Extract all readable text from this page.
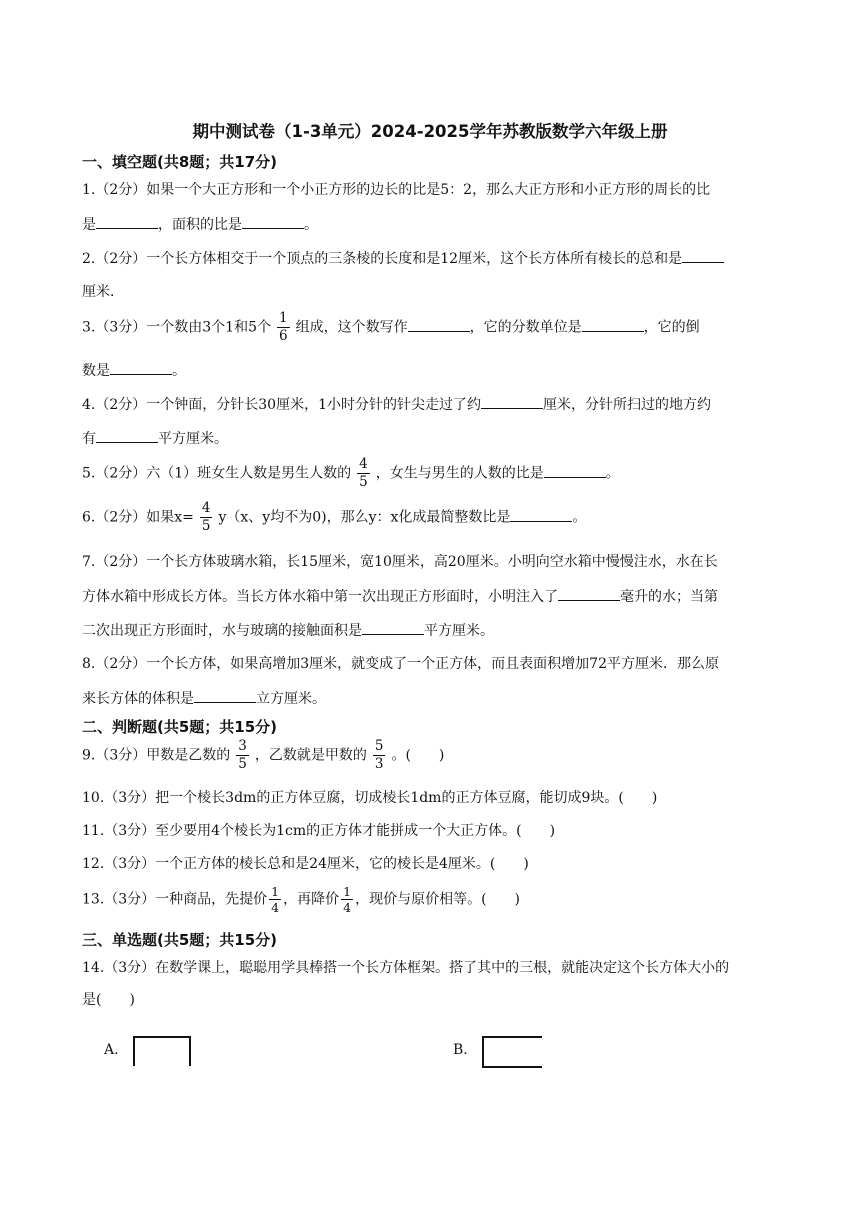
期中测试卷（1-3单元）2024-2025学年苏教版数学六年级上册
一、填空题(共8题；共17分)
1.（2分）如果一个大正方形和一个小正方形的边长的比是5：2，那么大正方形和小正方形的周长的比
是	，面积的比是	。
2.（2分）一个长方体相交于一个顶点的三条棱的长度和是12厘米，这个长方体所有棱长的总和是
厘米.
3.（3分）一个数由3个1和5个 $\frac{1}{6}$ 组成，这个数写作	，它的分数单位是	，它的倒
数是	。
4.（2分）一个钟面，分针长30厘米，1小时分针的针尖走过了约	厘米，分针所扫过的地方约
有	平方厘米。
5.（2分）六（1）班女生人数是男生人数的 $\frac{4}{5}$ ，女生与男生的人数的比是	。
6.（2分）如果$x= \frac{4}{5} y(x$、y均不为0)，那么y：x化成最简整数比是	。
7.（2分）一个长方体玻璃水箱，长15厘米，宽10厘米，高20厘米。小明向空水箱中慢慢注水，水在长
方体水箱中形成长方体。当长方体水箱中第一次出现正方形面时，小明注入了	毫升的水；当第
二次出现正方形面时，水与玻璃的接触面积是	平方厘米。
8.（2分）一个长方体，如果高增加3厘米，就变成了一个正方体，而且表面积增加72平方厘米．那么原
来长方体的体积是	立方厘米。
二、判断题(共5题；共15分)
9.（3分）甲数是乙数的 $\frac{3}{5}$ ，乙数就是甲数的 $\frac{5}{3}$ 。(　　)
10.（3分）把一个棱长3dm的正方体豆腐，切成棱长1dm的正方体豆腐，能切成9块。(　　)
11.（3分）至少要用4个棱长为1cm的正方体才能拼成一个大正方体。(　　)
12.（3分）一个正方体的棱长总和是24厘米，它的棱长是4厘米。(　　)
13.（3分）一种商品，先提价 $\frac{1}{4}$ ，再降价 $\frac{1}{4}$ ，现价与原价相等。(　　)
三、单选题(共5题；共15分)
14.（3分）在数学课上，聪聪用学具棒搭一个长方体框架。搭了其中的三根，就能决定这个长方体大小的
是(　　)
A.	B.
